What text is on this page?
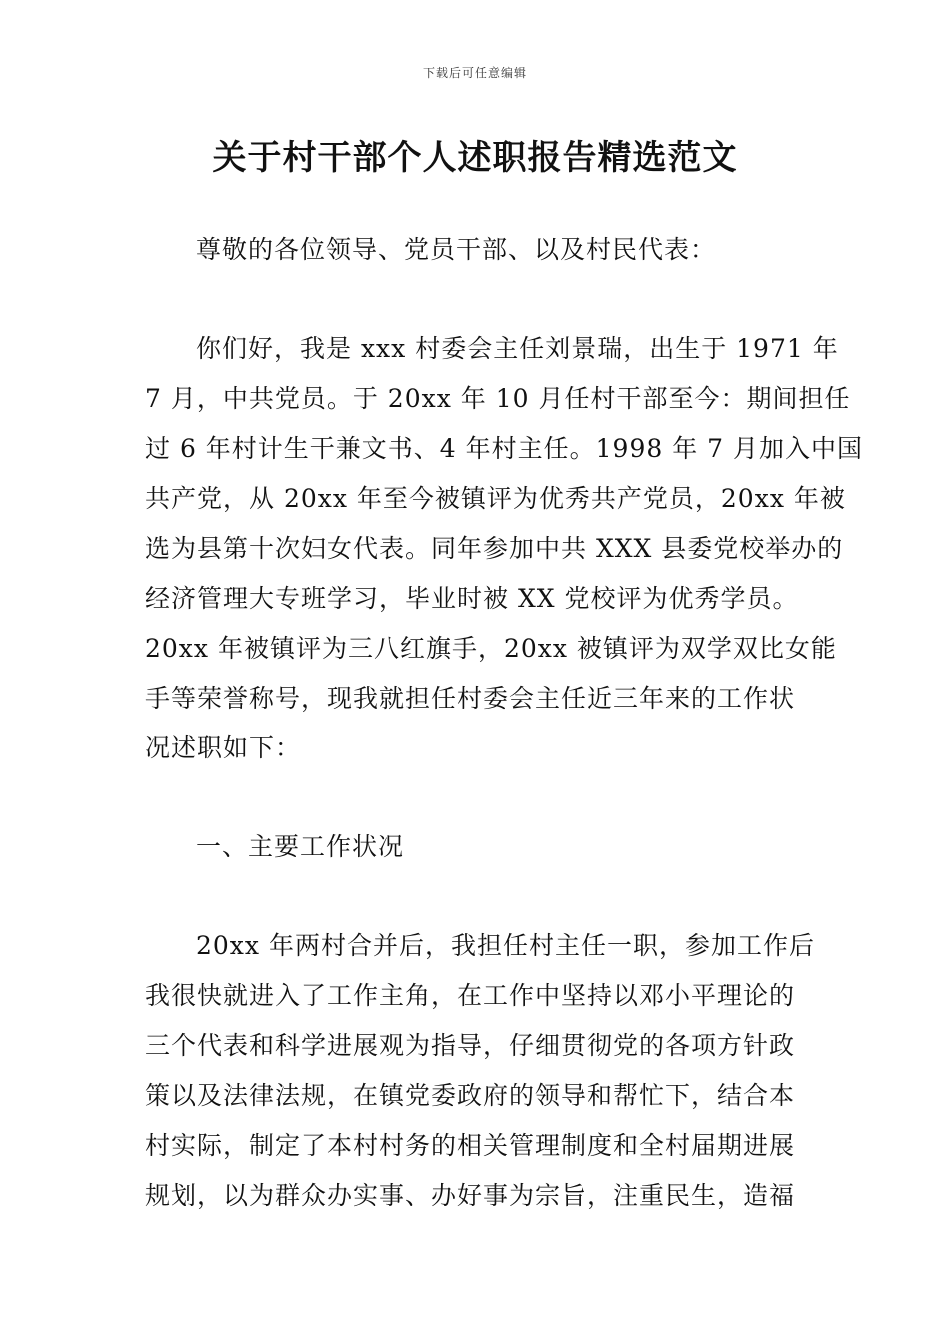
下载后可任意编辑
关于村干部个人述职报告精选范文
尊敬的各位领导、党员干部、以及村民代表：
你们好，我是 xxx 村委会主任刘景瑞，出生于 1971 年
7 月，中共党员。于 20xx 年 10 月任村干部至今：期间担任
过 6 年村计生干兼文书、4 年村主任。1998 年 7 月加入中国
共产党，从 20xx 年至今被镇评为优秀共产党员，20xx 年被
选为县第十次妇女代表。同年参加中共 XXX 县委党校举办的
经济管理大专班学习，毕业时被 XX 党校评为优秀学员。
20xx 年被镇评为三八红旗手，20xx 被镇评为双学双比女能
手等荣誉称号，现我就担任村委会主任近三年来的工作状
况述职如下：
一、主要工作状况
20xx 年两村合并后，我担任村主任一职，参加工作后
我很快就进入了工作主角，在工作中坚持以邓小平理论的
三个代表和科学进展观为指导，仔细贯彻党的各项方针政
策以及法律法规，在镇党委政府的领导和帮忙下，结合本
村实际，制定了本村村务的相关管理制度和全村届期进展
规划，以为群众办实事、办好事为宗旨，注重民生，造福
